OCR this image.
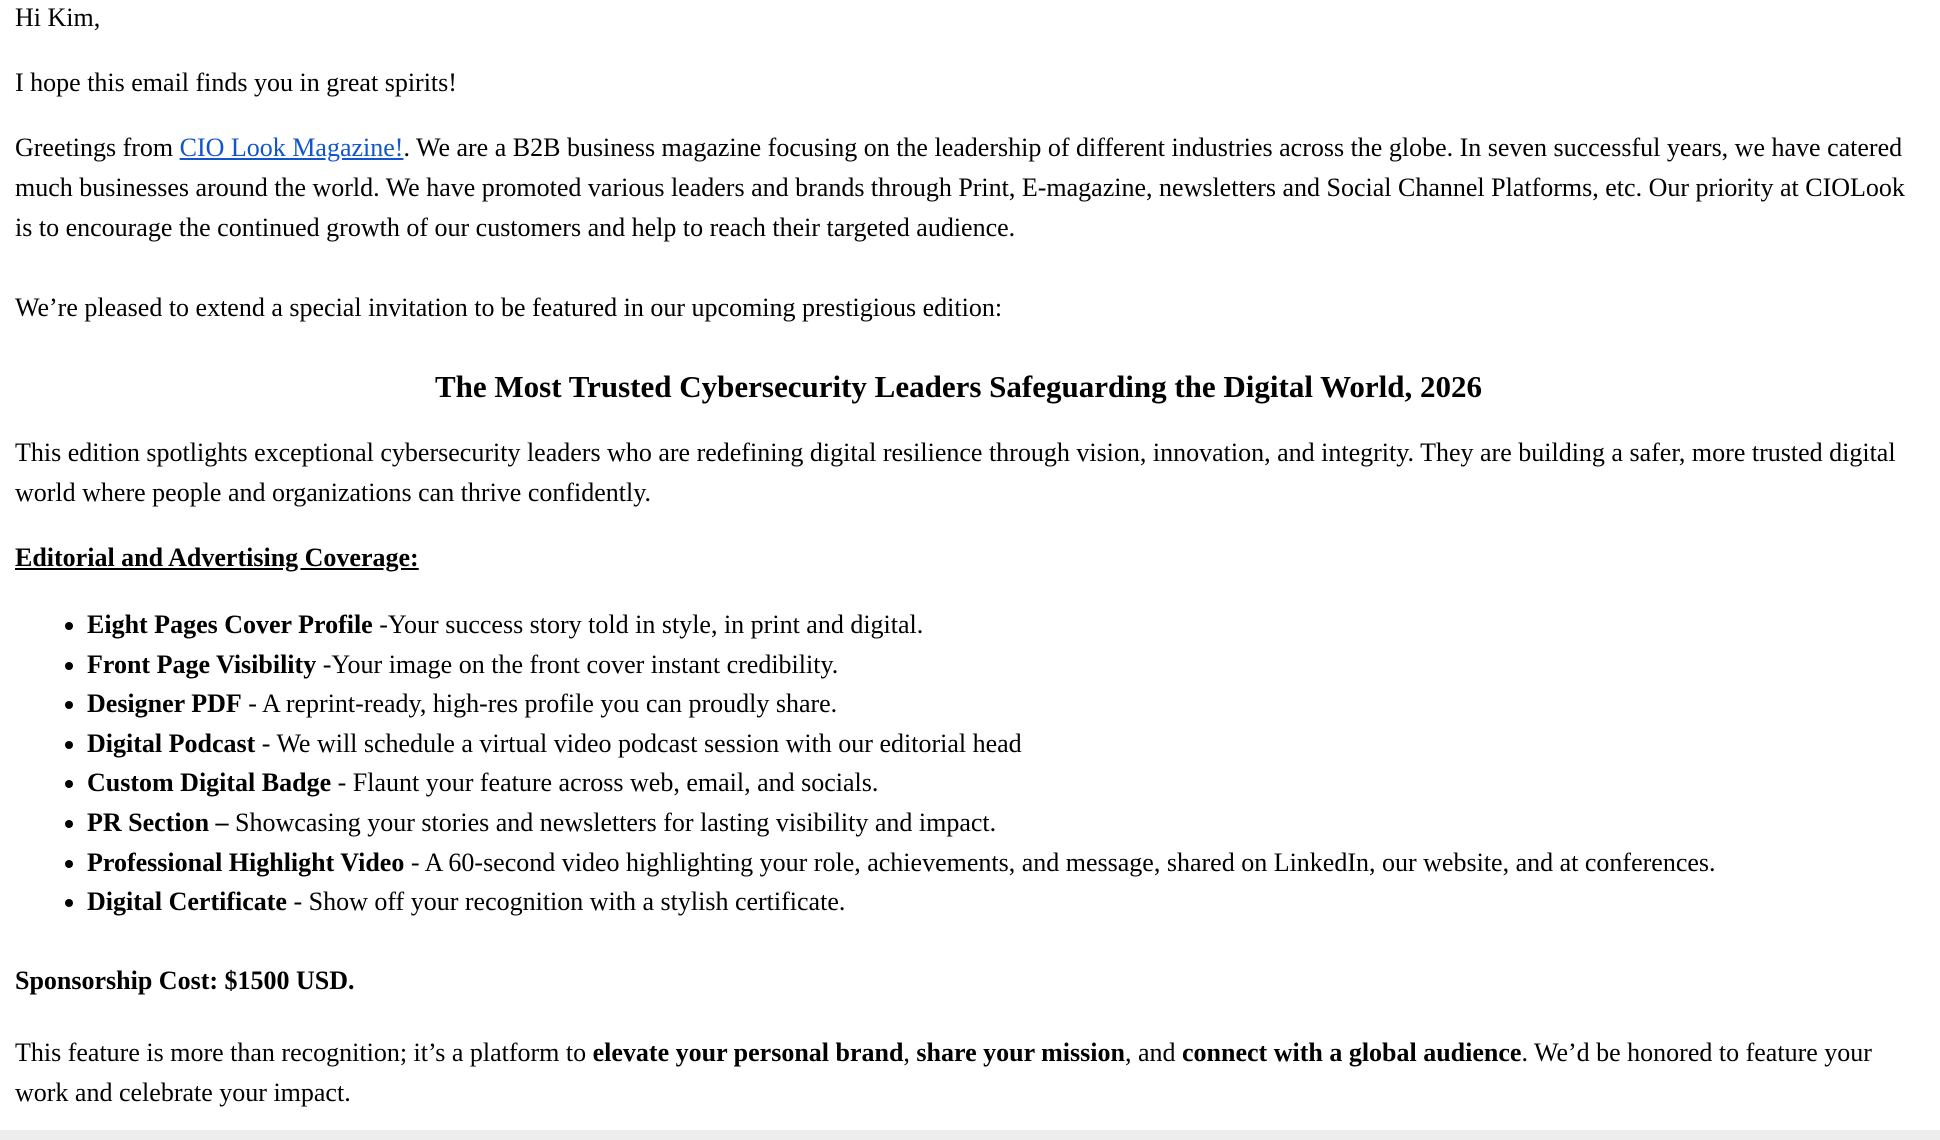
Hi Kim,

I hope this email finds you in great spirits!

Greetings from CIO Look Magazine!. We are a B2B business magazine focusing on the leadership of different industries across the globe. In seven successful years, we have catered much businesses around the world. We have promoted various leaders and brands through Print, E-magazine, newsletters and Social Channel Platforms, etc. Our priority at CIOLook is to encourage the continued growth of our customers and help to reach their targeted audience.

We’re pleased to extend a special invitation to be featured in our upcoming prestigious edition:

The Most Trusted Cybersecurity Leaders Safeguarding the Digital World, 2026

This edition spotlights exceptional cybersecurity leaders who are redefining digital resilience through vision, innovation, and integrity. They are building a safer, more trusted digital world where people and organizations can thrive confidently.

Editorial and Advertising Coverage:

• Eight Pages Cover Profile -Your success story told in style, in print and digital.
• Front Page Visibility -Your image on the front cover instant credibility.
• Designer PDF - A reprint-ready, high-res profile you can proudly share.
• Digital Podcast - We will schedule a virtual video podcast session with our editorial head
• Custom Digital Badge - Flaunt your feature across web, email, and socials.
• PR Section – Showcasing your stories and newsletters for lasting visibility and impact.
• Professional Highlight Video - A 60-second video highlighting your role, achievements, and message, shared on LinkedIn, our website, and at conferences.
• Digital Certificate - Show off your recognition with a stylish certificate.

Sponsorship Cost: $1500 USD.

This feature is more than recognition; it’s a platform to elevate your personal brand, share your mission, and connect with a global audience. We’d be honored to feature your work and celebrate your impact.
